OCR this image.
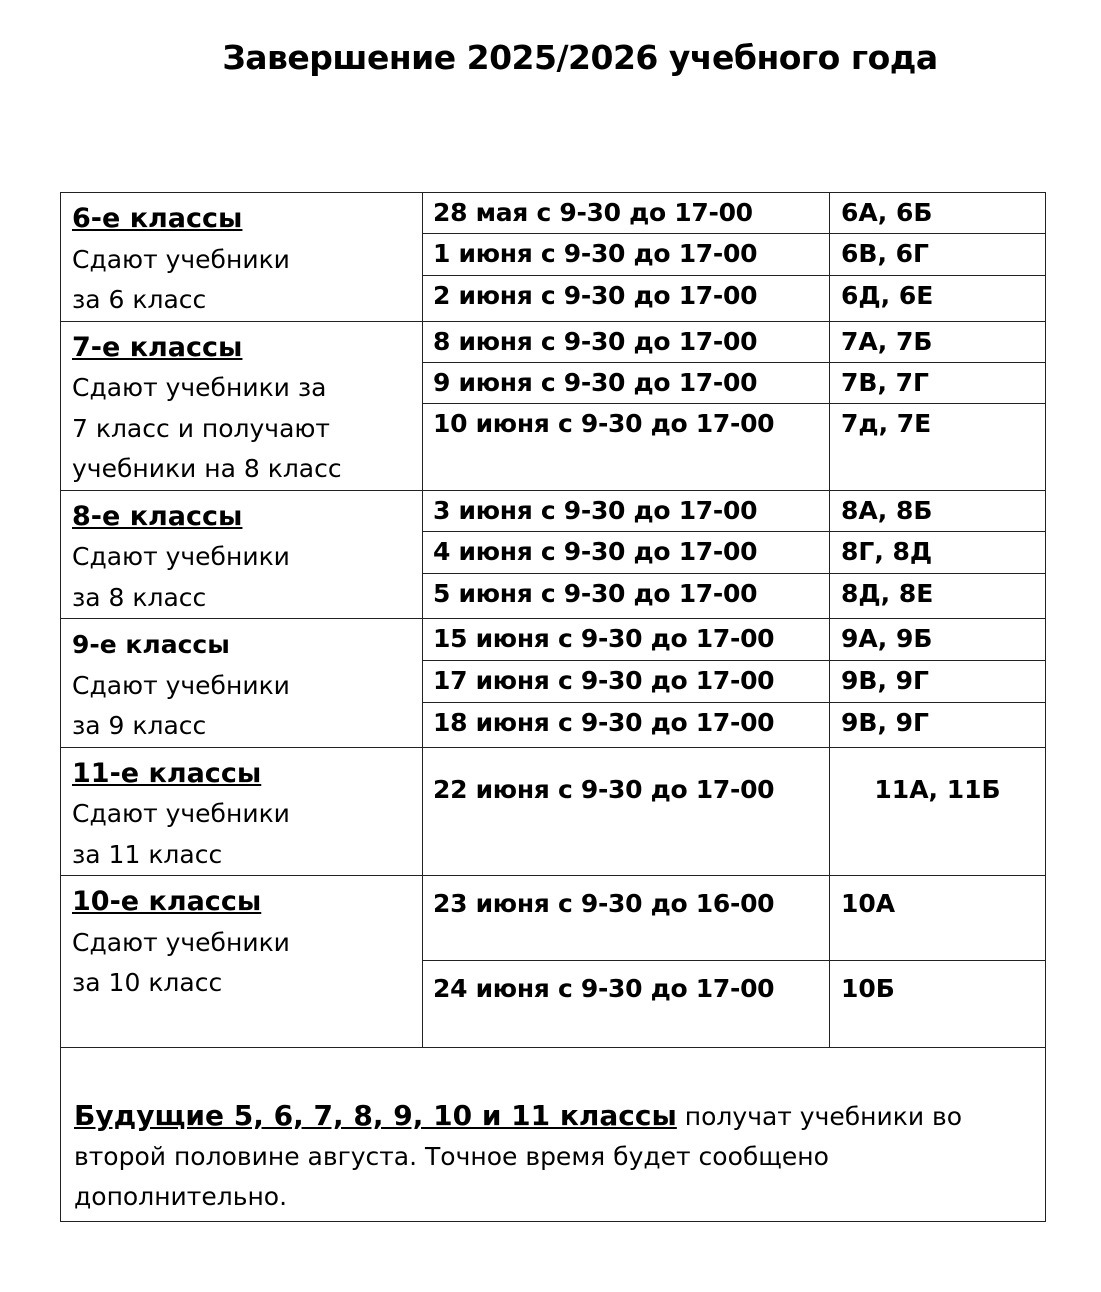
Завершение 2025/2026 учебного года
6-е классы
Сдают учебники
за 6 класс	28 мая с 9-30 до 17-00	6А, 6Б
	1 июня с 9-30 до 17-00	6В, 6Г
	2 июня с 9-30 до 17-00	6Д, 6Е

7-е классы
Сдают учебники за
7 класс и получают
учебники на 8 класс	8 июня с 9-30 до 17-00	7А, 7Б
	9 июня с 9-30 до 17-00	7В, 7Г
	10 июня с 9-30 до 17-00	7д, 7Е

8-е классы
Сдают учебники
за 8 класс	3 июня с 9-30 до 17-00	8А, 8Б
	4 июня с 9-30 до 17-00	8Г, 8Д
	5 июня с 9-30 до 17-00	8Д, 8Е

9-е классы
Сдают учебники
за 9 класс	15 июня с 9-30 до 17-00	9А, 9Б
	17 июня с 9-30 до 17-00	9В, 9Г
	18 июня с 9-30 до 17-00	9В, 9Г

11-е классы
Сдают учебники
за 11 класс	22 июня с 9-30 до 17-00	11А, 11Б

10-е классы
Сдают учебники
за 10 класс	23 июня с 9-30 до 16-00	10А
	24 июня с 9-30 до 17-00	10Б
Будущие 5, 6, 7, 8, 9, 10 и 11 классы получат учебники во второй половине августа. Точное время будет сообщено дополнительно.		
